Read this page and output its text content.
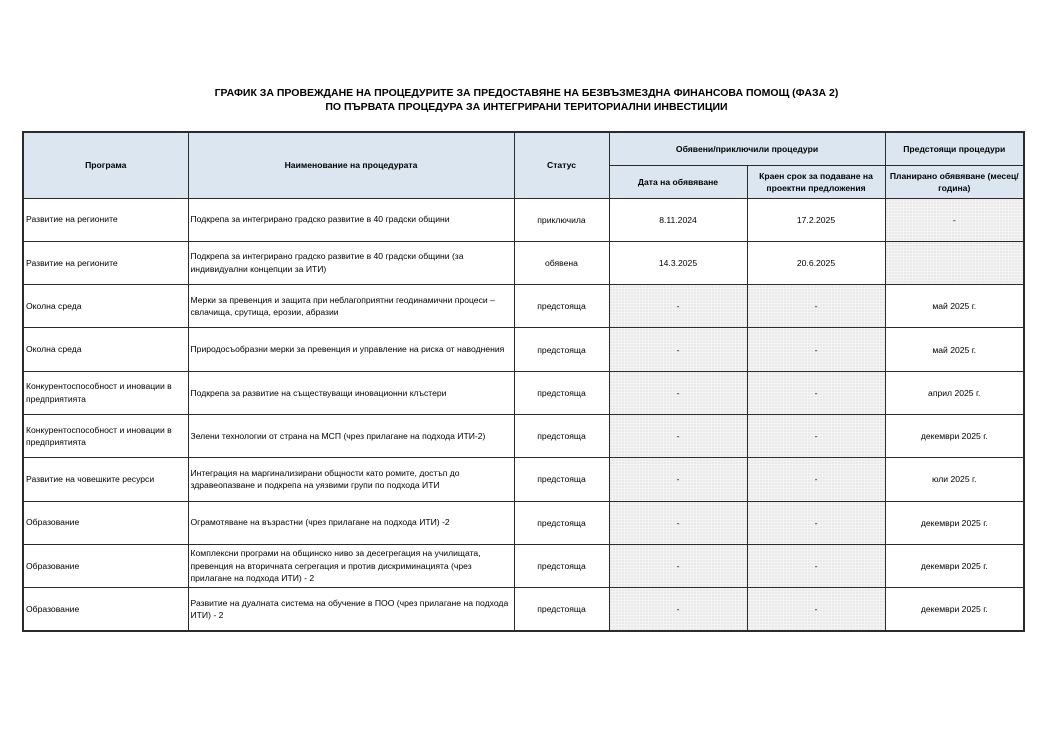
ГРАФИК ЗА ПРОВЕЖДАНЕ НА ПРОЦЕДУРИТЕ ЗА ПРЕДОСТАВЯНЕ НА БЕЗВЪЗМЕЗДНА ФИНАНСОВА ПОМОЩ (ФАЗА 2)
ПО ПЪРВАТА ПРОЦЕДУРА ЗА ИНТЕГРИРАНИ ТЕРИТОРИАЛНИ ИНВЕСТИЦИИ
Програма	Наименование на процедурата	Статус	Обявени/приключили процедури		Предстоящи процедури
			Дата на обявяване	Краен срок за подаване на проектни предложения	Планирано обявяване (месец/година)
Развитие на регионите	Подкрепа за интегрирано градско развитие в 40 градски общини	приключила	8.11.2024	17.2.2025	-
Развитие на регионите	Подкрепа за интегрирано градско развитие в 40 градски общини (за индивидуални концепции за ИТИ)	обявена	14.3.2025	20.6.2025	
Околна среда	Мерки за превенция и защита при неблагоприятни геодинамични процеси – свлачища, срутища, ерозии, абразии	предстояща	-	-	май 2025 г.
Околна среда	Природосъобразни мерки за превенция и управление на риска от наводнения	предстояща	-	-	май 2025 г.
Конкурентоспособност и иновации в предприятията	Подкрепа за развитие на съществуващи иновационни клъстери	предстояща	-	-	април 2025 г.
Конкурентоспособност и иновации в предприятията	Зелени технологии от страна на МСП (чрез прилагане на подхода ИТИ-2)	предстояща	-	-	декември 2025 г.
Развитие на човешките ресурси	Интеграция на маргинализирани общности като ромите, достъп до здравеопазване и подкрепа на уязвими групи по подхода ИТИ	предстояща	-	-	юли 2025 г.
Образование	Ограмотяване на възрастни (чрез прилагане на подхода ИТИ) -2	предстояща	-	-	декември 2025 г.
Образование	Комплексни програми на общинско ниво за десегрегация на училищата, превенция на вторичната сегрегация и против дискриминацията (чрез прилагане на подхода ИТИ) - 2	предстояща	-	-	декември 2025 г.
Образование	Развитие на дуалната система на обучение в ПОО (чрез прилагане на подхода ИТИ) - 2	предстояща	-	-	декември 2025 г.
